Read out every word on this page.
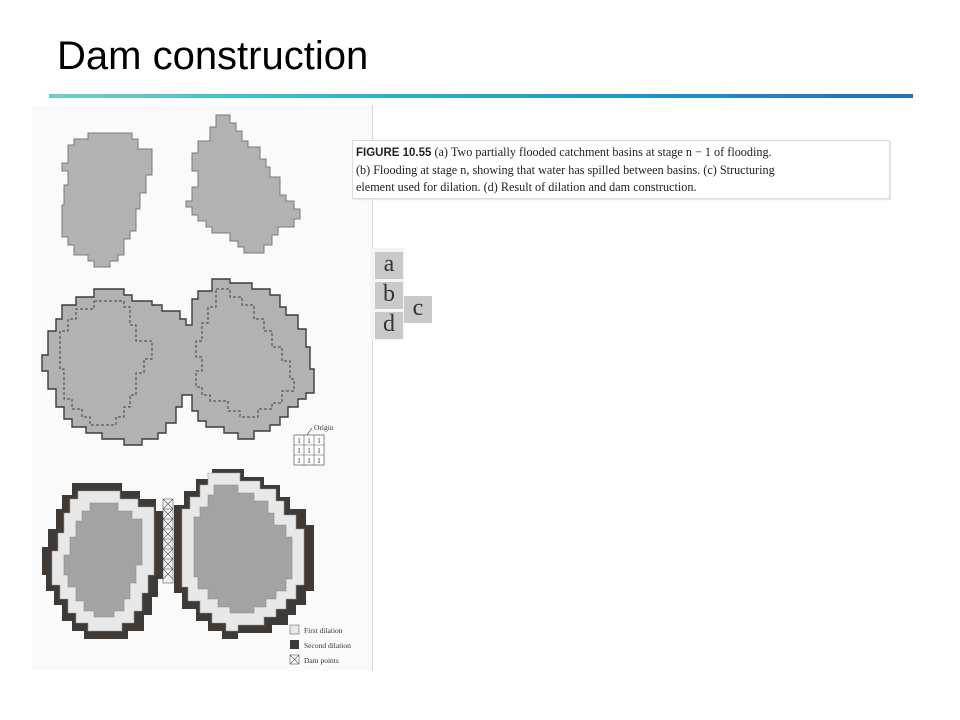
Dam construction
Origin
1 1 1
1 1 1
1 1 1
First dilation
Second dilation
Dam points
FIGURE 10.55 (a) Two partially flooded catchment basins at stage n − 1 of flooding.
(b) Flooding at stage n, showing that water has spilled between basins. (c) Structuring
element used for dilation. (d) Result of dilation and dam construction.
a
b
c
d
